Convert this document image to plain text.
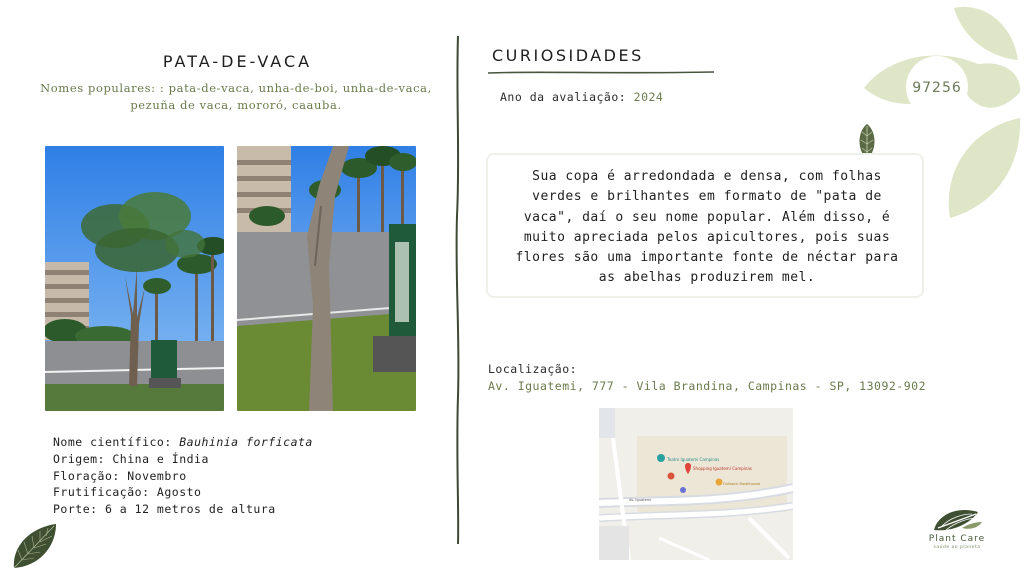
97256
PATA-DE-VACA
Nomes populares: : pata-de-vaca, unha-de-boi, unha-de-vaca, pezuña de vaca, mororó, caauba.
Nome científico: Bauhinia forficata
Origem: China e Índia
Floração: Novembro
Frutificação: Agosto
Porte: 6 a 12 metros de altura
CURIOSIDADES
Ano da avaliação: 2024
Sua copa é arredondada e densa, com folhas verdes e brilhantes em formato de "pata de vaca", daí o seu nome popular. Além disso, é muito apreciada pelos apicultores, pois suas flores são uma importante fonte de néctar para as abelhas produzirem mel.
Localização:
Av. Iguatemi, 777 - Vila Brandina, Campinas - SP, 13092-902
Teatro Iguatemi Campinas
Shopping Iguatemi Campinas
Outback Steakhouse
Av. Iguatemi
Plant Care
saúde ao planeta
